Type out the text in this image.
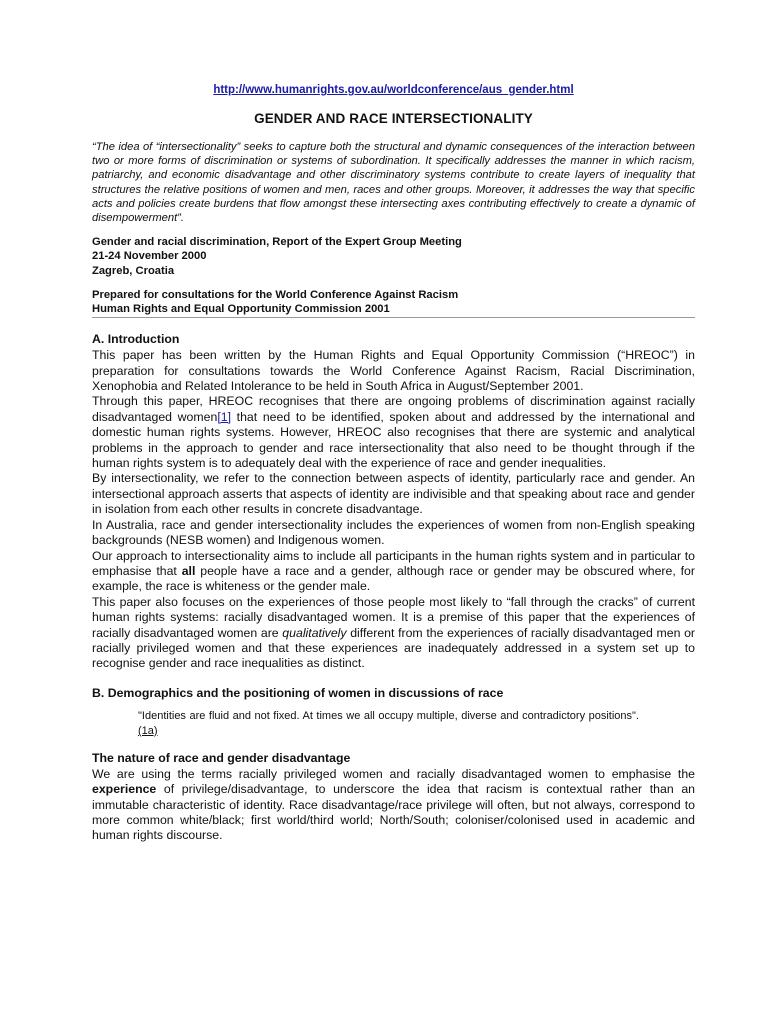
http://www.humanrights.gov.au/worldconference/aus_gender.html
GENDER AND RACE INTERSECTIONALITY
“The idea of “intersectionality” seeks to capture both the structural and dynamic consequences of the interaction between two or more forms of discrimination or systems of subordination. It specifically addresses the manner in which racism, patriarchy, and economic disadvantage and other discriminatory systems contribute to create layers of inequality that structures the relative positions of women and men, races and other groups. Moreover, it addresses the way that specific acts and policies create burdens that flow amongst these intersecting axes contributing effectively to create a dynamic of disempowerment”.
Gender and racial discrimination, Report of the Expert Group Meeting
21-24 November 2000
Zagreb, Croatia
Prepared for consultations for the World Conference Against Racism
Human Rights and Equal Opportunity Commission 2001
A. Introduction

This paper has been written by the Human Rights and Equal Opportunity Commission (“HREOC”) in preparation for consultations towards the World Conference Against Racism, Racial Discrimination, Xenophobia and Related Intolerance to be held in South Africa in August/September 2001.

Through this paper, HREOC recognises that there are ongoing problems of discrimination against racially disadvantaged women[1] that need to be identified, spoken about and addressed by the international and domestic human rights systems. However, HREOC also recognises that there are systemic and analytical problems in the approach to gender and race intersectionality that also need to be thought through if the human rights system is to adequately deal with the experience of race and gender inequalities.

By intersectionality, we refer to the connection between aspects of identity, particularly race and gender. An intersectional approach asserts that aspects of identity are indivisible and that speaking about race and gender in isolation from each other results in concrete disadvantage.

In Australia, race and gender intersectionality includes the experiences of women from non-English speaking backgrounds (NESB women) and Indigenous women.

Our approach to intersectionality aims to include all participants in the human rights system and in particular to emphasise that all people have a race and a gender, although race or gender may be obscured where, for example, the race is whiteness or the gender male.

This paper also focuses on the experiences of those people most likely to “fall through the cracks” of current human rights systems: racially disadvantaged women. It is a premise of this paper that the experiences of racially disadvantaged women are qualitatively different from the experiences of racially disadvantaged men or racially privileged women and that these experiences are inadequately addressed in a system set up to recognise gender and race inequalities as distinct.

B. Demographics and the positioning of women in discussions of race
"Identities are fluid and not fixed. At times we all occupy multiple, diverse and contradictory positions". (1a)
The nature of race and gender disadvantage

We are using the terms racially privileged women and racially disadvantaged women to emphasise the experience of privilege/disadvantage, to underscore the idea that racism is contextual rather than an immutable characteristic of identity. Race disadvantage/race privilege will often, but not always, correspond to more common white/black; first world/third world; North/South; coloniser/colonised used in academic and human rights discourse.
